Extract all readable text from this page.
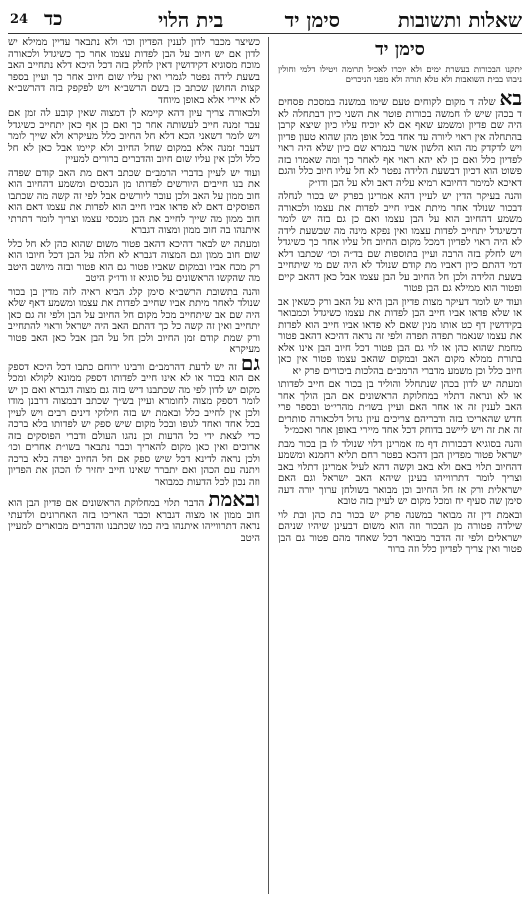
שאלות ותשובות
סימן יד
בית הלוי
כד
24
סימן יד
יתקנו הבכורות בעשרת ימים ולא יוכרו לאכיל תרומה ויטילו דלמי וחולין ניבהו בבית השואבות ולא טלא תורה ולא מפני הניכרים

בא שלה ד מקום לקוחים טעם שימו במשנה במסכת פסחים ד בכהן שיש לו חמשה בכורות פוטר את השני כיון דבתחלה לא היה שם פדיון ומשמע שאף אם לא יוכיח עליו כיון שיצא קרבן בהתחלה אין ראוי ליורה עד אחד בכל אופן מהן שהוא טעון פדיון ויש לדקדק מה הוא הלשון אשר בגמרא שם כיון שלא היה ראוי לפדיון כלל ואם כן לא יהא ראוי אף לאחר כך ומה שאמרו בזה פשוט הוא דכיון דבשעת הלידה נפטר לא חל עליו חיוב כלל והגם דאיכא למימר דחיובא רמיא עליה דאב ולא על הבן ודו״ק

והנה בעיקר הדין יש לעיין דהא אמרינן בפרק יש בכור לנחלה דבכור שנולד אחר מיתת אביו חייב לפדות את עצמו ולכאורה משמע דהחיוב הוא על הבן עצמו ואם כן גם בזה יש לומר דכשיגדל יתחייב לפדות עצמו ואין נפקא מינה מה שבשעת לידה לא היה ראוי לפדיון דמכל מקום החיוב חל עליו אחר כך כשיגדל ויש לחלק בזה הרבה ועיין בתוספות שם בד״ה וכו׳ שכתבו דלא דמי דהתם כיון דאביו מת קודם שנולד לא היה שם מי שיתחייב בשעת הלידה ולכן חל החיוב על הבן עצמו אבל כאן דהאב קיים ופטור הוא ממילא גם הבן פטור

ועוד יש לומר דעיקר מצות פדיון הבן היא על האב ורק כשאין אב או שלא פדאו אביו חייב הבן לפדות את עצמו כשיגדל וכמבואר בקידושין דף כט אותו מנין שאם לא פדאו אביו חייב הוא לפדות את עצמו שנאמר תפדה תפדה ולפי זה נראה דהיכא דהאב פטור מחמת שהוא כהן או לוי גם הבן פטור דכל חיוב הבן אינו אלא בתורת ממלא מקום האב ובמקום שהאב עצמו פטור אין כאן חיוב כלל וכן משמע מדברי הרמב״ם בהלכות ביכורים פרק יא

ומעתה יש לדון בכהן שנתחלל והוליד בן בכור אם חייב לפדותו או לא ונראה דתלוי במחלוקת הראשונים אם הבן הולך אחר האב לענין זה או אחר האם ועיין בשו״ת מהרי״ט ובספר פרי חדש שהאריכו בזה ודבריהם צריכים עיון גדול דלכאורה סותרים זה את זה ויש ליישב בדוחק דכל אחד מיירי באופן אחר ואכמ״ל

והנה בסוגיא דבכורות דף מז אמרינן דלוי שנולד לו בן בכור מבת ישראל פטור מפדיון הבן דהכא בפטר רחם תליא רחמנא ומשמע דהחיוב תלוי באם ולא באב וקשה דהא לעיל אמרינן דתלוי באב וצריך לומר דתרווייהו בעינן שיהא האב ישראל וגם האם ישראלית ורק אז חל החיוב וכן מבואר בשולחן ערוך יורה דעה סימן שה סעיף יח ומכל מקום יש לעיין בזה טובא

ובאמת דין זה מבואר במשנה פרק יש בכור בת כהן ובת לוי שילדה פטורה מן הבכור וזה הוא משום דבעינן שיהיו שניהם ישראלים ולפי זה הדבר מבואר דכל שאחד מהם פטור גם הבן פטור ואין צריך לפדיון כלל וזה ברור

כשיצר מכבר לדון לענין הפדיון וכו׳ ולא נתבאר עדיין ממילא יש לדון אם יש חיוב על הבן לפדות עצמו אחר כך כשיגדל ולכאורה מוכח מסוגיא דקידושין דאין לחלק בזה דכל היכא דלא נתחייב האב בשעת לידה נפטר לגמרי ואין עליו שום חיוב אחר כך ועיין בספר קצות החושן שכתב כן בשם הרשב״א ויש לפקפק בזה דהרשב״א לא איירי אלא באופן מיוחד

ולכאורה צריך עיון דהא קיימא לן דמצוה שאין קובע לה זמן אם עבר זמנה חייב לעשותה אחר כך ואם כן אף כאן יתחייב כשיגדל ויש לומר דשאני הכא דלא חל החיוב כלל מעיקרא ולא שייך לומר דעבר זמנה אלא במקום שחל החיוב ולא קיימו אבל כאן לא חל כלל ולכן אין עליו שום חיוב והדברים ברורים למעיין

ועוד יש לעיין בדברי הרמב״ם שכתב דאם מת האב קודם שפדה את בנו חייבים היורשים לפדותו מן הנכסים ומשמע דהחיוב הוא חוב ממון על האב ולכן עובר ליורשים אבל לפי זה קשה מה שכתבו הפוסקים דאם לא פדאו אביו חייב הוא לפדות את עצמו דאם הוא חוב ממון מה שייך לחייב את הבן מנכסי עצמו וצריך לומר דתרתי איתנהו בה חוב ממון ומצוה דגברא

ומעתה יש לבאר דהיכא דהאב פטור משום שהוא כהן לא חל כלל שום חוב ממון וגם המצוה דגברא לא חלה על הבן דכל חיובו הוא רק מכח אביו ובמקום שאביו פטור גם הוא פטור ובזה מיושב היטב מה שהקשו הראשונים על סוגיא זו ודו״ק היטב

והנה בתשובת הרשב״א סימן קלג הביא ראיה לזה מדין בן בכור שנולד לאחר מיתת אביו שחייב לפדות את עצמו ומשמע דאף שלא היה שם אב שיתחייב מכל מקום חל החיוב על הבן ולפי זה גם כאן יתחייב ואין זה קשה כל כך דהתם האב היה ישראל וראוי להתחייב ורק שמת קודם זמן החיוב ולכן חל על הבן אבל כאן האב פטור מעיקרא

גם זה יש לדעת דהרמב״ם ורבינו ירוחם כתבו דכל היכא דספק אם הוא בכור או לא אינו חייב לפדותו דספק ממונא לקולא ומכל מקום יש לדון לפי מה שכתבנו דיש בזה גם מצוה דגברא ואם כן יש לומר דספק מצוה לחומרא ועיין בש״ך שכתב דבמצוה דרבנן מודו ולכן אין לחייב כלל ובאמת יש בזה חילוקי דינים רבים ויש לעיין בכל אחד ואחד לגופו ובכל מקום שיש ספק יש לפדותו בלא ברכה כדי לצאת ידי כל הדעות וכן נהגו העולם ודברי הפוסקים בזה ארוכים ואין כאן מקום להאריך וכבר נתבאר בשו״ת אחרים וכו׳ ולכן נראה לדינא דכל שיש ספק אם חל החיוב יפדה בלא ברכה ויתנה עם הכהן ואם יתברר שאינו חייב יחזיר לו הכהן את הפדיון וזה נכון לכל הדעות כמבואר

ובאמת הדבר תלוי במחלוקת הראשונים אם פדיון הבן הוא חוב ממון או מצוה דגברא וכבר האריכו בזה האחרונים ולדעתי נראה דתרווייהו איתנהו ביה כמו שכתבנו והדברים מבוארים למעיין היטב
